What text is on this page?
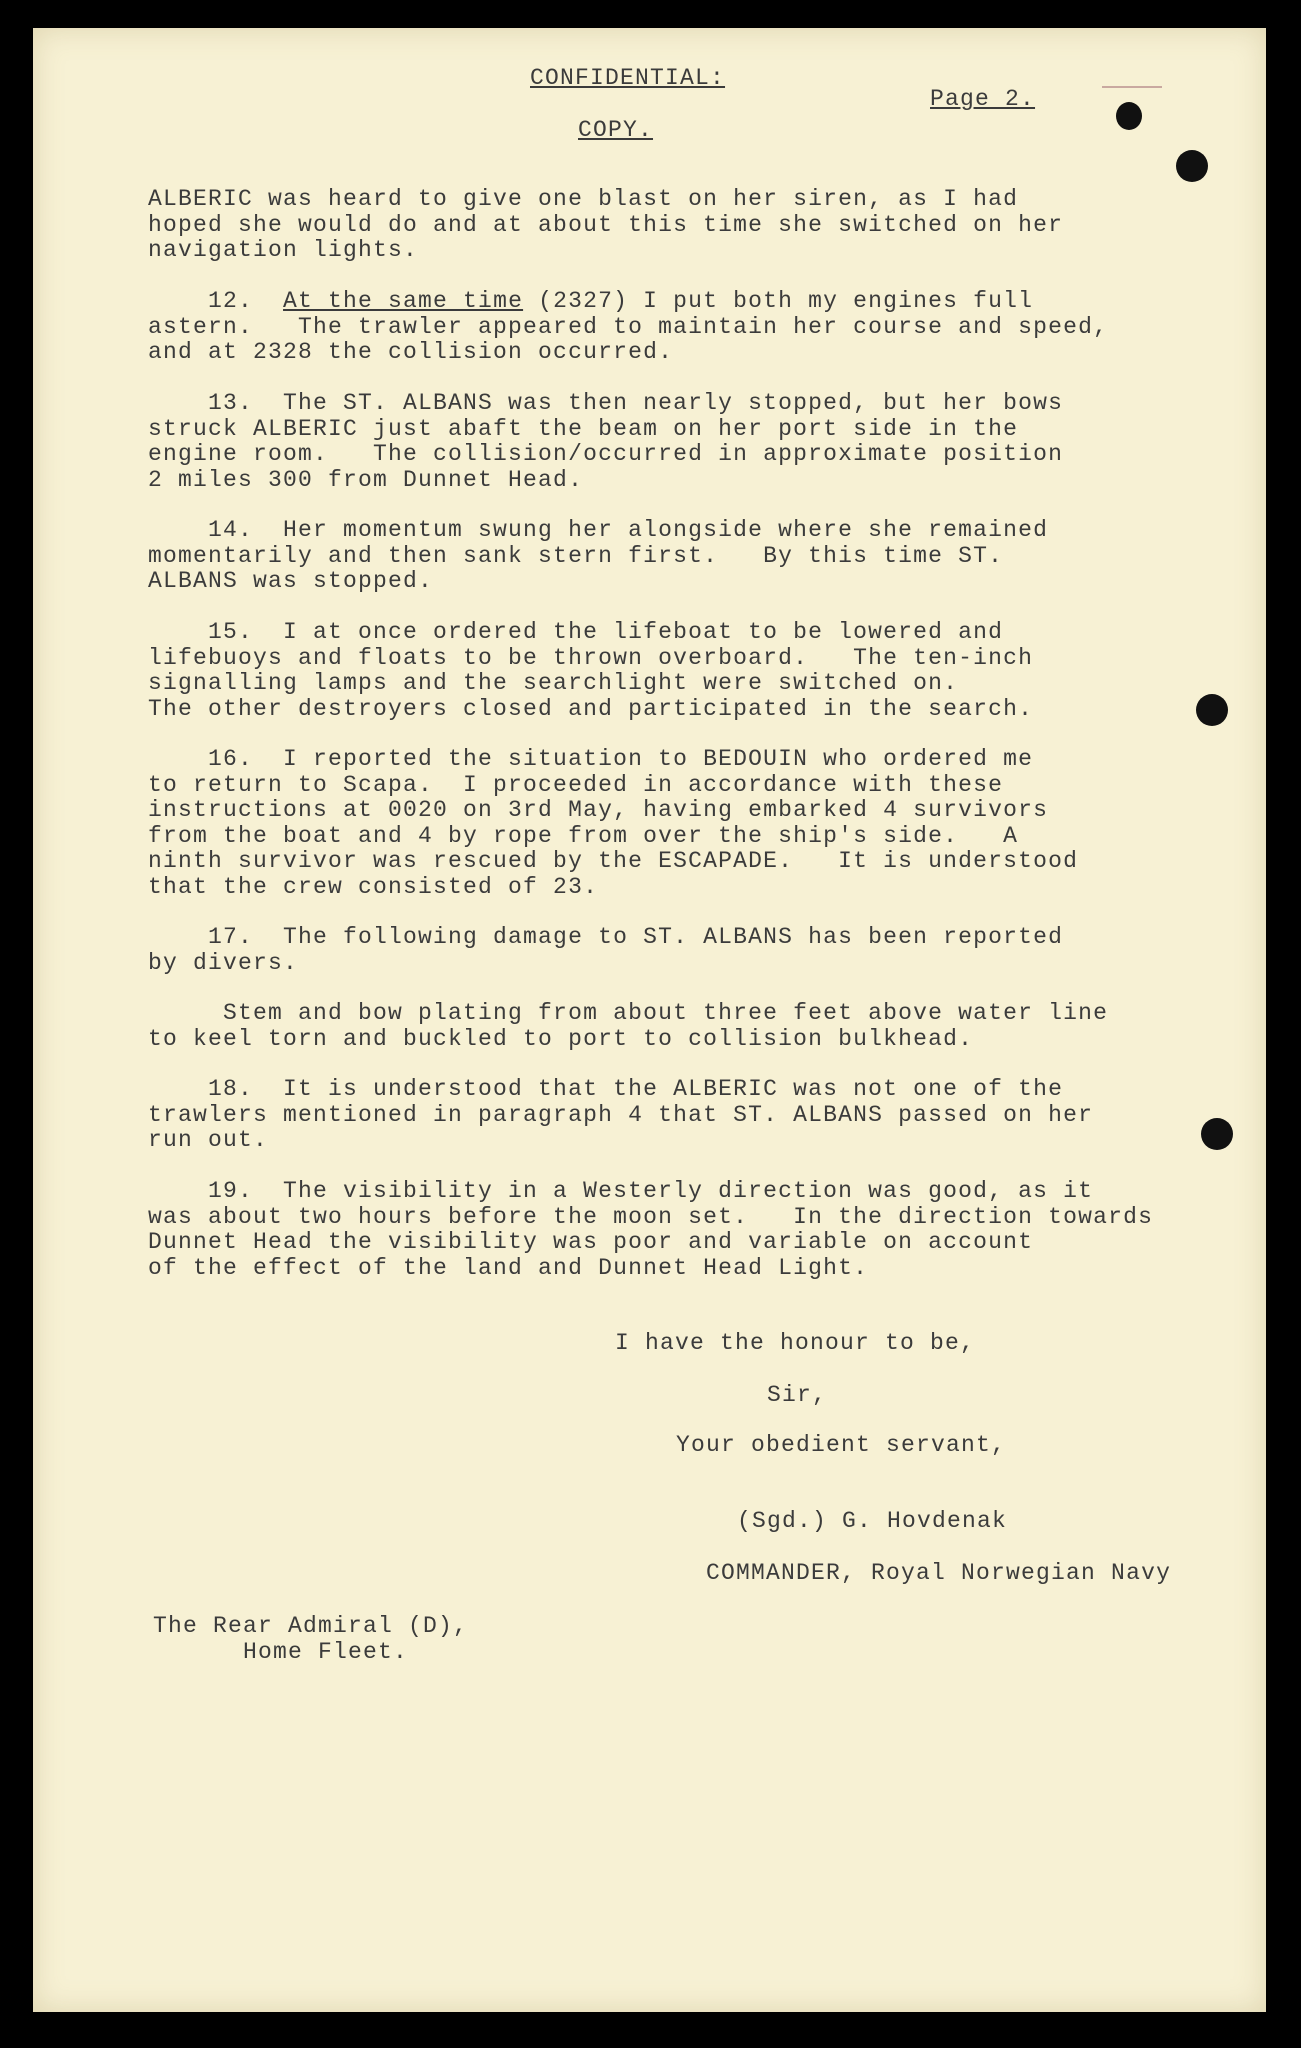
CONFIDENTIAL:

Page 2.

COPY.

ALBERIC was heard to give one blast on her siren, as I had
hoped she would do and at about this time she switched on her
navigation lights.

12.  At the same time (2327) I put both my engines full
astern.   The trawler appeared to maintain her course and speed,
and at 2328 the collision occurred.

13.  The ST. ALBANS was then nearly stopped, but her bows
struck ALBERIC just abaft the beam on her port side in the
engine room.   The collision/occurred in approximate position
2 miles 300 from Dunnet Head.

14.  Her momentum swung her alongside where she remained
momentarily and then sank stern first.   By this time ST.
ALBANS was stopped.

15.  I at once ordered the lifeboat to be lowered and
lifebuoys and floats to be thrown overboard.   The ten-inch
signalling lamps and the searchlight were switched on.
The other destroyers closed and participated in the search.

16.  I reported the situation to BEDOUIN who ordered me
to return to Scapa.  I proceeded in accordance with these
instructions at 0020 on 3rd May, having embarked 4 survivors
from the boat and 4 by rope from over the ship's side.   A
ninth survivor was rescued by the ESCAPADE.   It is understood
that the crew consisted of 23.

17.  The following damage to ST. ALBANS has been reported
by divers.

Stem and bow plating from about three feet above water line
to keel torn and buckled to port to collision bulkhead.

18.  It is understood that the ALBERIC was not one of the
trawlers mentioned in paragraph 4 that ST. ALBANS passed on her
run out.

19.  The visibility in a Westerly direction was good, as it
was about two hours before the moon set.   In the direction towards
Dunnet Head the visibility was poor and variable on account
of the effect of the land and Dunnet Head Light.

I have the honour to be,

Sir,

Your obedient servant,

(Sgd.) G. Hovdenak

COMMANDER, Royal Norwegian Navy

The Rear Admiral (D),
Home Fleet.
